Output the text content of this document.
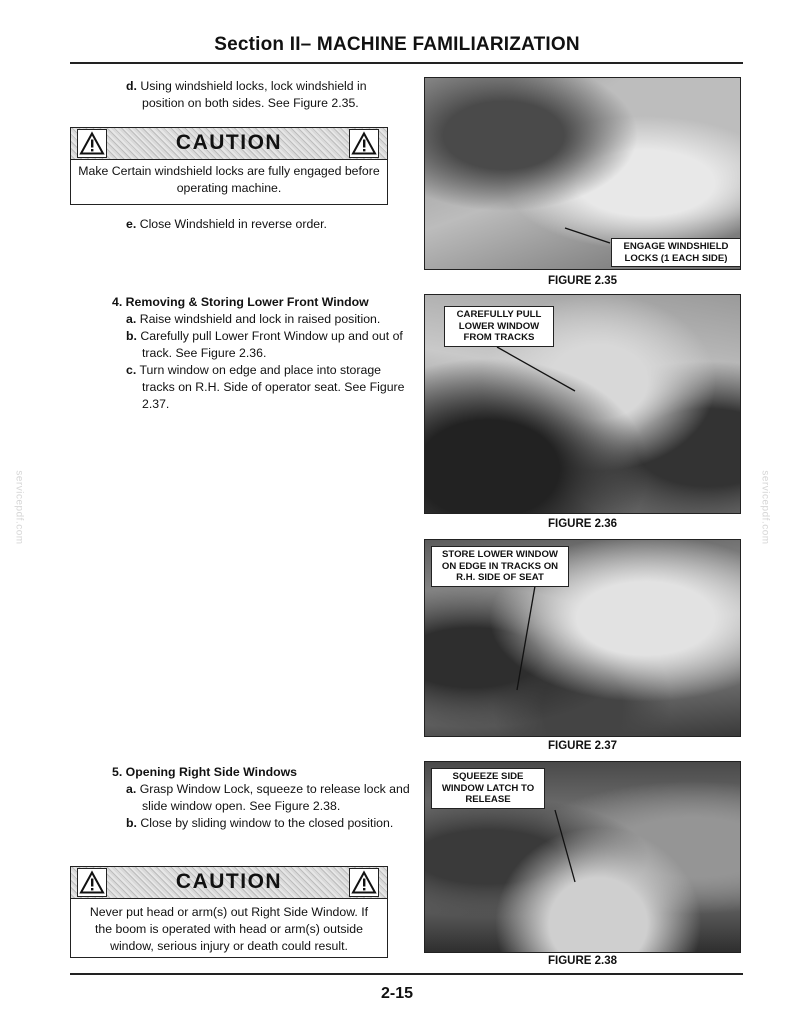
Section II– MACHINE FAMILIARIZATION
d. Using windshield locks, lock windshield in position on both sides. See Figure 2.35.
CAUTION
Make Certain windshield locks are fully engaged before operating machine.
e. Close Windshield in reverse order.
4. Removing & Storing Lower Front Window
a. Raise windshield and lock in raised position.
b. Carefully pull Lower Front Window up and out of track. See Figure 2.36.
c. Turn window on edge and place into storage tracks on R.H. Side of operator seat. See Figure 2.37.
5. Opening Right Side Windows
a. Grasp Window Lock, squeeze to release lock and slide window open. See Figure 2.38.
b. Close by sliding window to the closed position.
CAUTION
Never put head or arm(s) out Right Side Window. If the boom is operated with head or arm(s) outside window, serious injury or death could result.
ENGAGE WINDSHIELD LOCKS (1 EACH SIDE)
FIGURE 2.35
CAREFULLY PULL LOWER WINDOW FROM TRACKS
FIGURE 2.36
STORE LOWER WINDOW ON EDGE IN TRACKS ON R.H. SIDE OF SEAT
FIGURE 2.37
SQUEEZE SIDE WINDOW LATCH TO RELEASE
FIGURE 2.38
servicepdf.com	servicepdf.com
2-15
